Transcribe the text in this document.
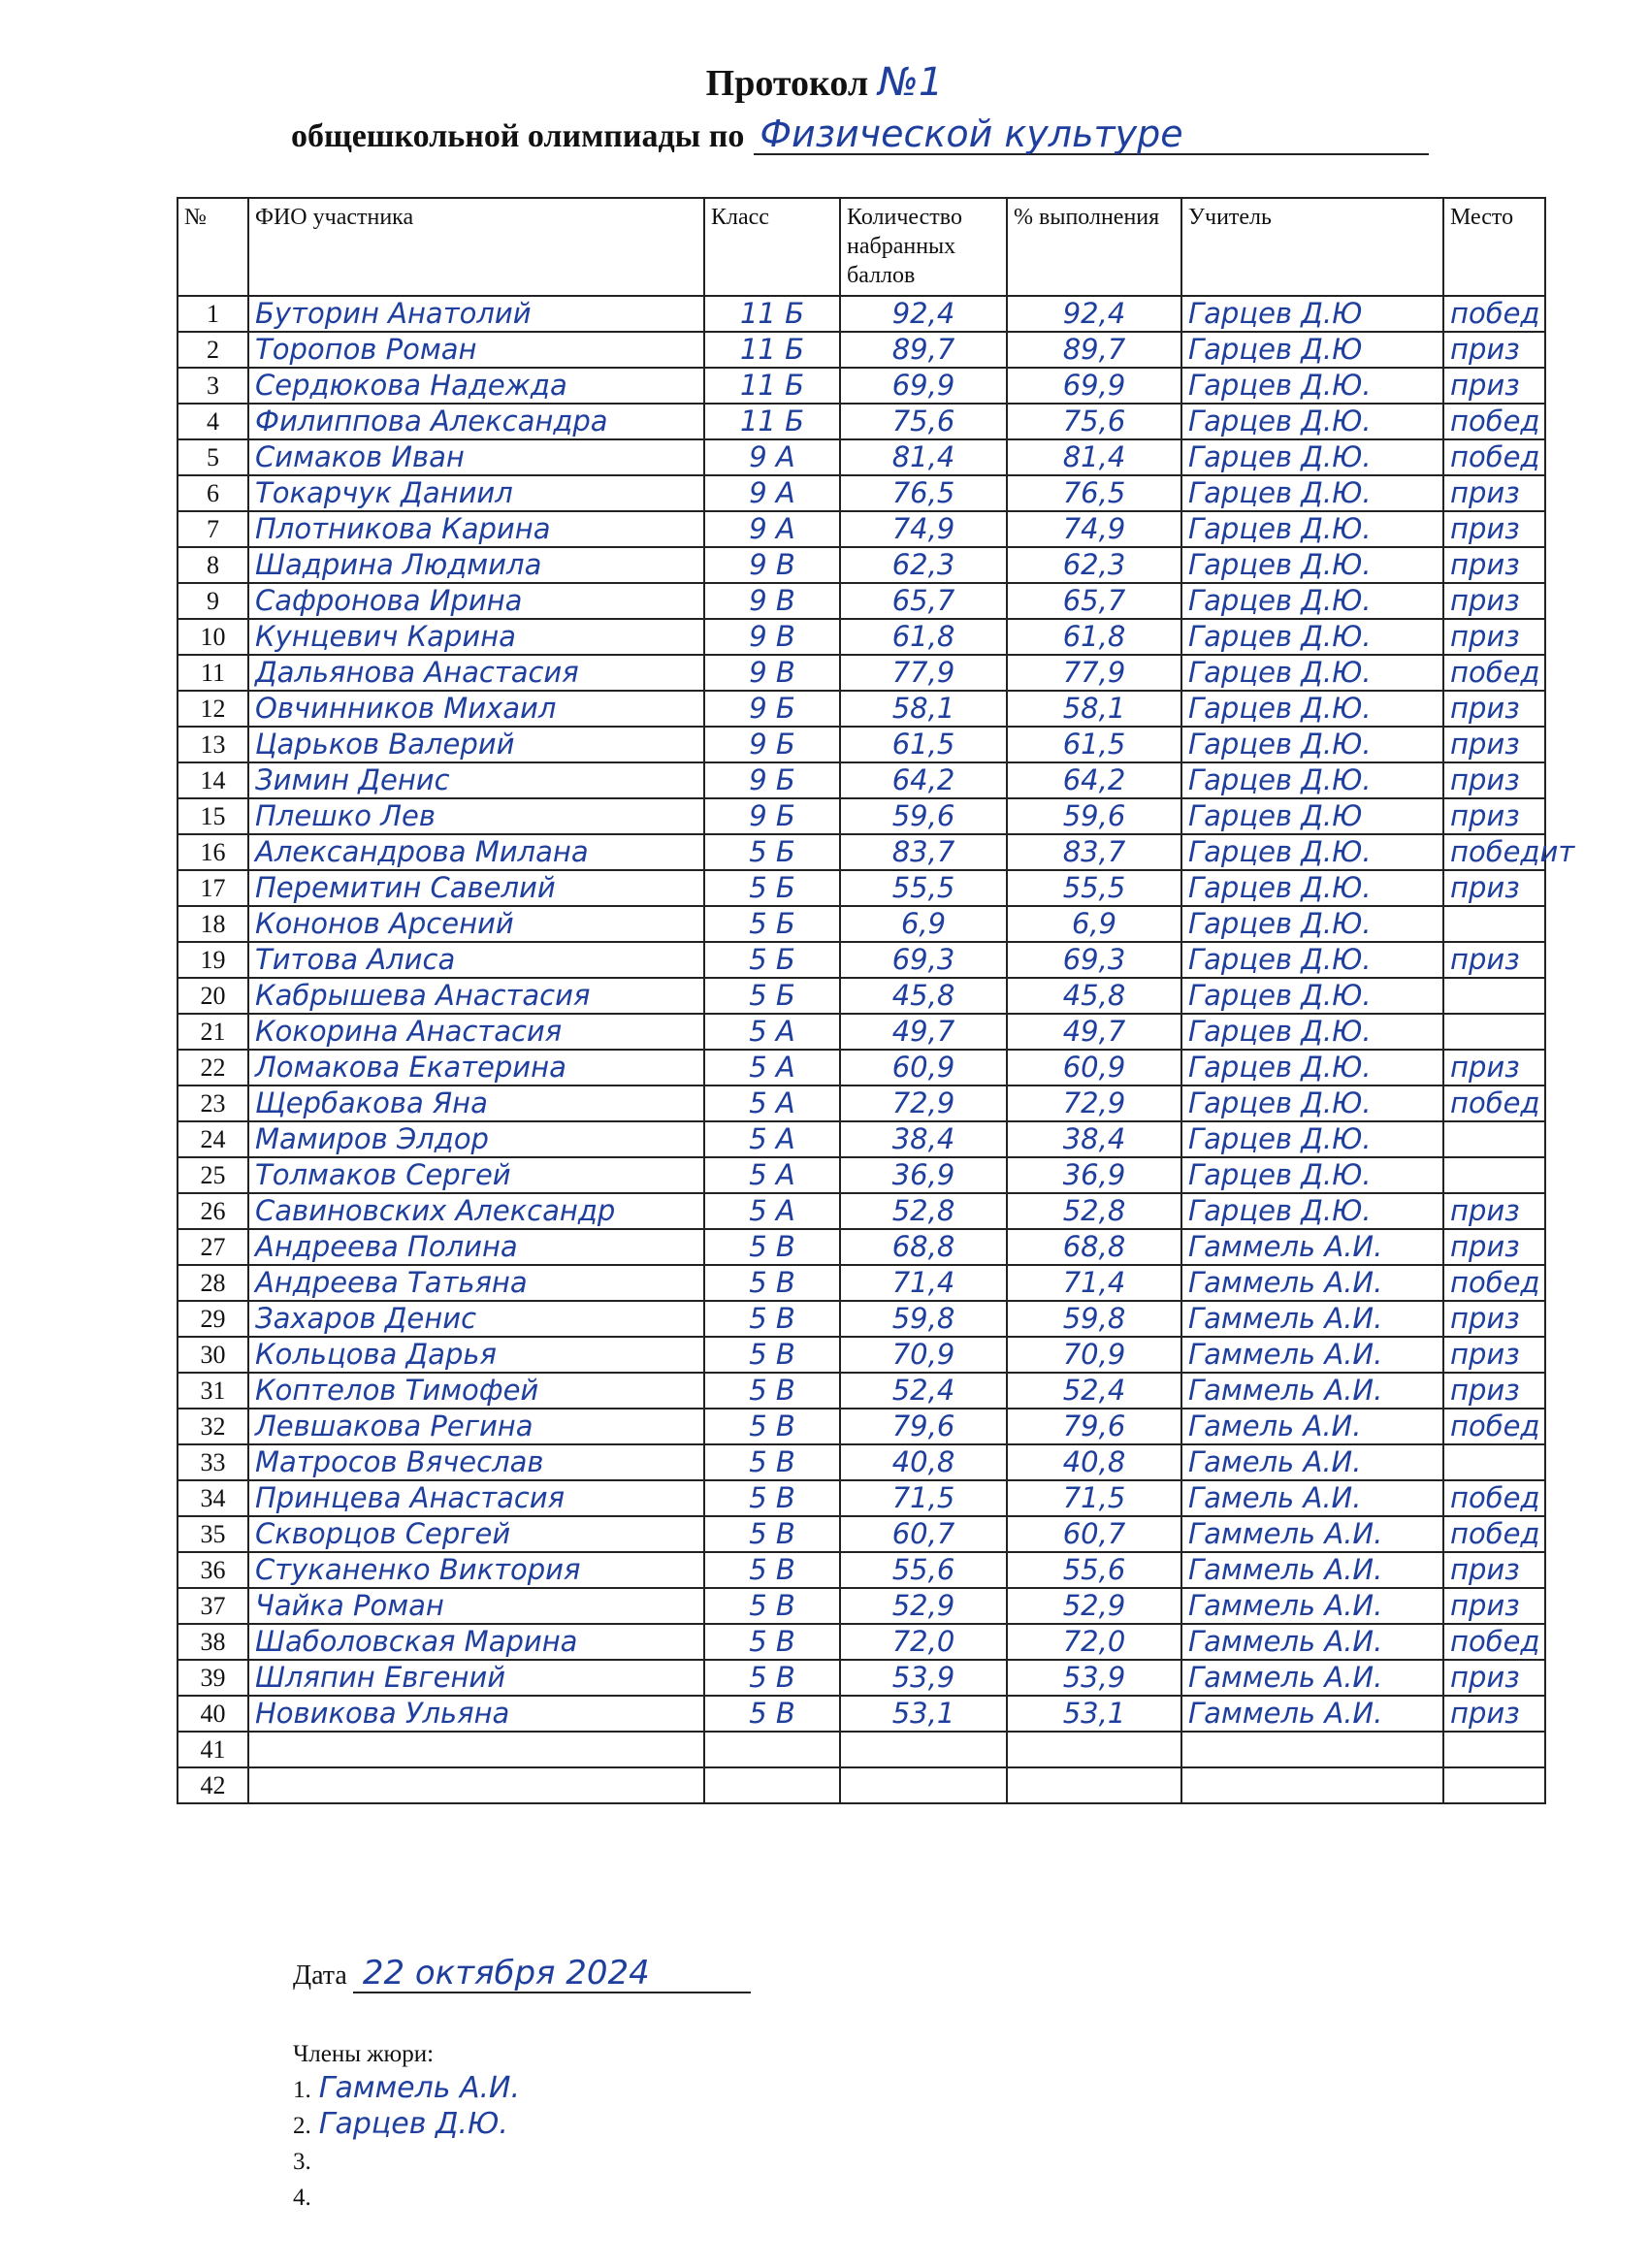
Протокол №1
общешкольной олимпиады по Физической культуре
№	ФИО участника	Класс	Количество набранных баллов	% выполнения	Учитель	Место
1	Буторин Анатолий	11 Б	92,4	92,4	Гарцев Д.Ю	побед
2	Торопов Роман	11 Б	89,7	89,7	Гарцев Д.Ю	приз
3	Сердюкова Надежда	11 Б	69,9	69,9	Гарцев Д.Ю.	приз
4	Филиппова Александра	11 Б	75,6	75,6	Гарцев Д.Ю.	побед
5	Симаков Иван	9 А	81,4	81,4	Гарцев Д.Ю.	побед
6	Токарчук Даниил	9 А	76,5	76,5	Гарцев Д.Ю.	приз
7	Плотникова Карина	9 А	74,9	74,9	Гарцев Д.Ю.	приз
8	Шадрина Людмила	9 В	62,3	62,3	Гарцев Д.Ю.	приз
9	Сафронова Ирина	9 В	65,7	65,7	Гарцев Д.Ю.	приз
10	Кунцевич Карина	9 В	61,8	61,8	Гарцев Д.Ю.	приз
11	Дальянова Анастасия	9 В	77,9	77,9	Гарцев Д.Ю.	побед
12	Овчинников Михаил	9 Б	58,1	58,1	Гарцев Д.Ю.	приз
13	Царьков Валерий	9 Б	61,5	61,5	Гарцев Д.Ю.	приз
14	Зимин Денис	9 Б	64,2	64,2	Гарцев Д.Ю.	приз
15	Плешко Лев	9 Б	59,6	59,6	Гарцев Д.Ю	приз
16	Александрова Милана	5 Б	83,7	83,7	Гарцев Д.Ю.	победит
17	Перемитин Савелий	5 Б	55,5	55,5	Гарцев Д.Ю.	приз
18	Кононов Арсений	5 Б	6,9	6,9	Гарцев Д.Ю.	
19	Титова Алиса	5 Б	69,3	69,3	Гарцев Д.Ю.	приз
20	Кабрышева Анастасия	5 Б	45,8	45,8	Гарцев Д.Ю.	
21	Кокорина Анастасия	5 А	49,7	49,7	Гарцев Д.Ю.	
22	Ломакова Екатерина	5 А	60,9	60,9	Гарцев Д.Ю.	приз
23	Щербакова Яна	5 А	72,9	72,9	Гарцев Д.Ю.	побед
24	Мамиров Элдор	5 А	38,4	38,4	Гарцев Д.Ю.	
25	Толмаков Сергей	5 А	36,9	36,9	Гарцев Д.Ю.	
26	Савиновских Александр	5 А	52,8	52,8	Гарцев Д.Ю.	приз
27	Андреева Полина	5 В	68,8	68,8	Гаммель А.И.	приз
28	Андреева Татьяна	5 В	71,4	71,4	Гаммель А.И.	побед
29	Захаров Денис	5 В	59,8	59,8	Гаммель А.И.	приз
30	Кольцова Дарья	5 В	70,9	70,9	Гаммель А.И.	приз
31	Коптелов Тимофей	5 В	52,4	52,4	Гаммель А.И.	приз
32	Левшакова Регина	5 В	79,6	79,6	Гамель А.И.	побед
33	Матросов Вячеслав	5 В	40,8	40,8	Гамель А.И.	
34	Принцева Анастасия	5 В	71,5	71,5	Гамель А.И.	побед
35	Скворцов Сергей	5 В	60,7	60,7	Гаммель А.И.	побед
36	Стуканенко Виктория	5 В	55,6	55,6	Гаммель А.И.	приз
37	Чайка Роман	5 В	52,9	52,9	Гаммель А.И.	приз
38	Шаболовская Марина	5 В	72,0	72,0	Гаммель А.И.	побед
39	Шляпин Евгений	5 В	53,9	53,9	Гаммель А.И.	приз
40	Новикова Ульяна	5 В	53,1	53,1	Гаммель А.И.	приз
41						
42						
Дата 22 октября 2024
Члены жюри:
1. Гаммель А.И.
2. Гарцев Д.Ю.
3.
4.
